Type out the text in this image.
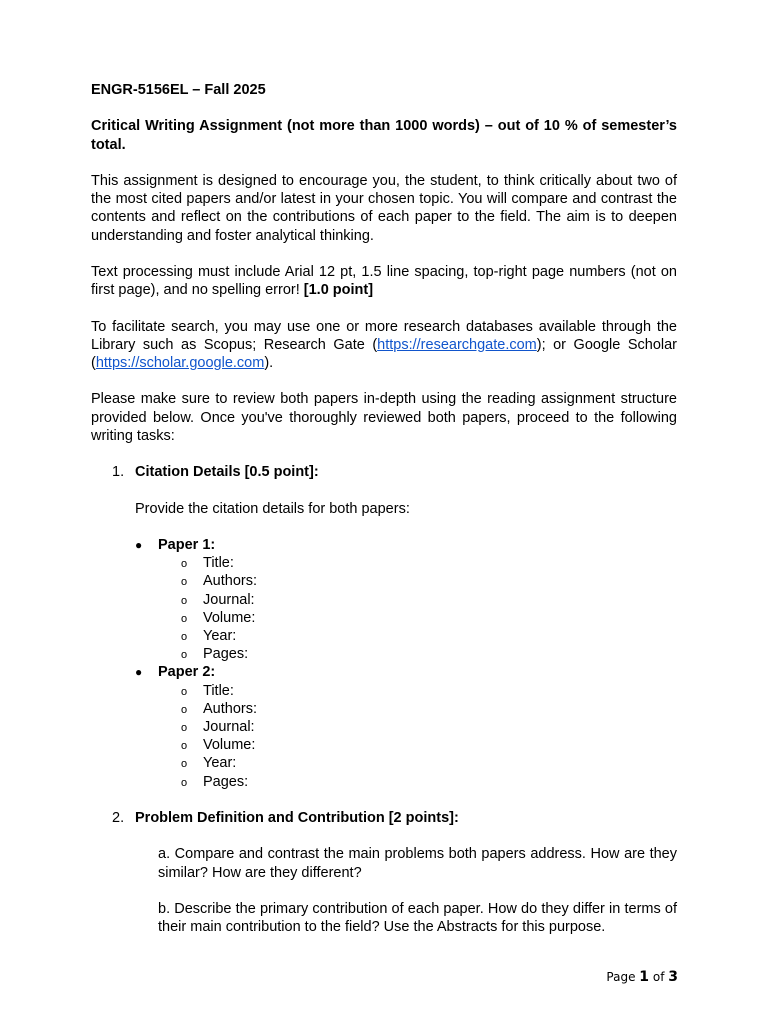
ENGR-5156EL – Fall 2025
Critical Writing Assignment (not more than 1000 words) – out of 10 % of semester’s total.
This assignment is designed to encourage you, the student, to think critically about two of the most cited papers and/or latest in your chosen topic. You will compare and contrast the contents and reflect on the contributions of each paper to the field. The aim is to deepen understanding and foster analytical thinking.
Text processing must include Arial 12 pt, 1.5 line spacing, top-right page numbers (not on first page), and no spelling error! [1.0 point]
To facilitate search, you may use one or more research databases available through the Library such as Scopus; Research Gate (https://researchgate.com); or Google Scholar (https://scholar.google.com).
Please make sure to review both papers in-depth using the reading assignment structure provided below. Once you've thoroughly reviewed both papers, proceed to the following writing tasks:
1. Citation Details [0.5 point]:
Provide the citation details for both papers:
● Paper 1:
o Title:
o Authors:
o Journal:
o Volume:
o Year:
o Pages:
● Paper 2:
o Title:
o Authors:
o Journal:
o Volume:
o Year:
o Pages:
2. Problem Definition and Contribution [2 points]:
a. Compare and contrast the main problems both papers address. How are they similar? How are they different?
b. Describe the primary contribution of each paper. How do they differ in terms of their main contribution to the field? Use the Abstracts for this purpose.
Page 1 of 3
